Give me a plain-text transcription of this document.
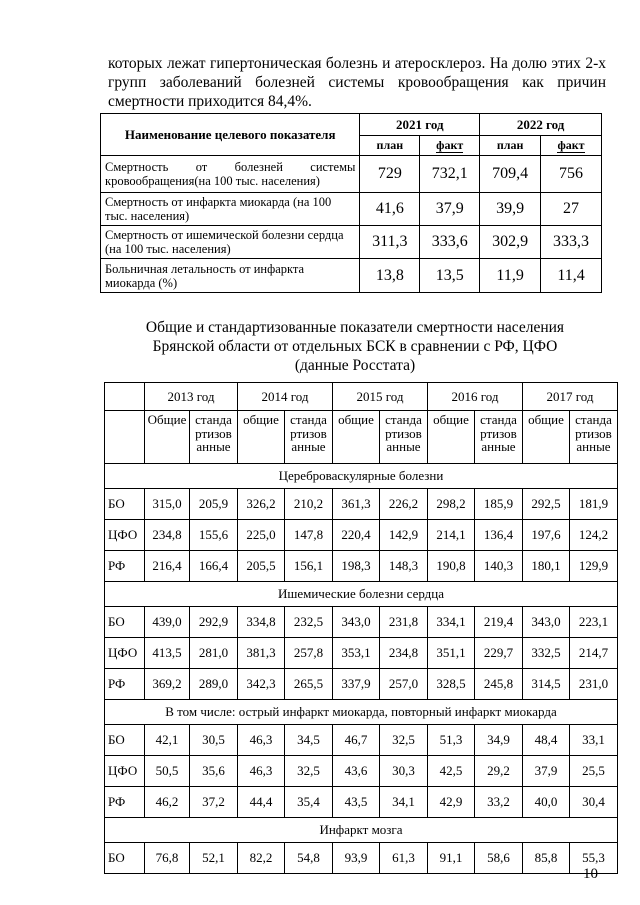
которых лежат гипертоническая болезнь и атеросклероз. На долю этих 2-х
групп заболеваний болезней системы кровообращения как причин
смертности приходится 84,4%.
Наименование целевого показателя	2021 год		2022 год	
	план	факт	план	факт
Смертность от болезней системы кровообращения(на 100 тыс. населения)	729	732,1	709,4	756
Смертность от инфаркта миокарда (на 100 тыс. населения)	41,6	37,9	39,9	27
Смертность от ишемической болезни сердца (на 100 тыс. населения)	311,3	333,6	302,9	333,3
Больничная летальность от инфаркта миокарда (%)	13,8	13,5	11,9	11,4
Общие и стандартизованные показатели смертности населения
Брянской области от отдельных БСК в сравнении с РФ, ЦФО
(данные Росстата)
	2013 год		2014 год		2015 год		2016 год		2017 год	
	Общие	стандартизованные	общие	стандартизованные	общие	стандартизованные	общие	стандартизованные	общие	стандартизованные
Цереброваскулярные болезни										
БО	315,0	205,9	326,2	210,2	361,3	226,2	298,2	185,9	292,5	181,9
ЦФО	234,8	155,6	225,0	147,8	220,4	142,9	214,1	136,4	197,6	124,2
РФ	216,4	166,4	205,5	156,1	198,3	148,3	190,8	140,3	180,1	129,9
Ишемические болезни сердца										
БО	439,0	292,9	334,8	232,5	343,0	231,8	334,1	219,4	343,0	223,1
ЦФО	413,5	281,0	381,3	257,8	353,1	234,8	351,1	229,7	332,5	214,7
РФ	369,2	289,0	342,3	265,5	337,9	257,0	328,5	245,8	314,5	231,0
В том числе: острый инфаркт миокарда, повторный инфаркт миокарда										
БО	42,1	30,5	46,3	34,5	46,7	32,5	51,3	34,9	48,4	33,1
ЦФО	50,5	35,6	46,3	32,5	43,6	30,3	42,5	29,2	37,9	25,5
РФ	46,2	37,2	44,4	35,4	43,5	34,1	42,9	33,2	40,0	30,4
Инфаркт мозга										
БО	76,8	52,1	82,2	54,8	93,9	61,3	91,1	58,6	85,8	55,3
10
